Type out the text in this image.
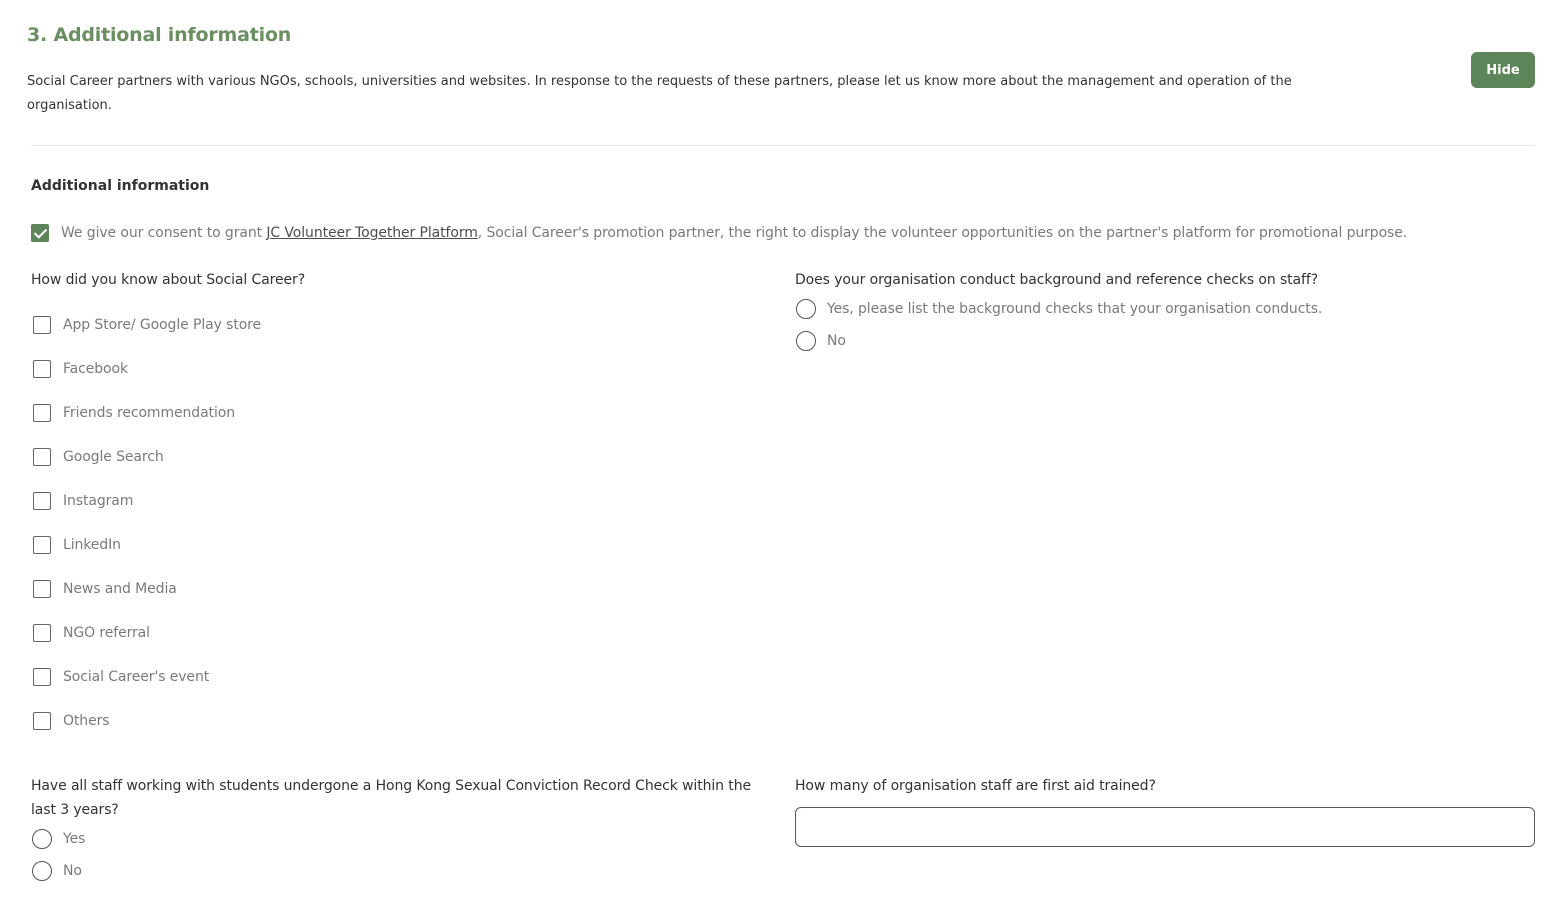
3. Additional information

Social Career partners with various NGOs, schools, universities and websites. In response to the requests of these partners, please let us know more about the management and operation of the organisation.

Hide
Additional information
We give our consent to grant JC Volunteer Together Platform, Social Career's promotion partner, the right to display the volunteer opportunities on the partner's platform for promotional purpose.

How did you know about Social Career?

App Store/ Google Play store
Facebook
Friends recommendation
Google Search
Instagram
LinkedIn
News and Media
NGO referral
Social Career's event
Others

Does your organisation conduct background and reference checks on staff?

Yes, please list the background checks that your organisation conducts.
No

Have all staff working with students undergone a Hong Kong Sexual Conviction Record Check within the last 3 years?

Yes
No

How many of organisation staff are first aid trained?
